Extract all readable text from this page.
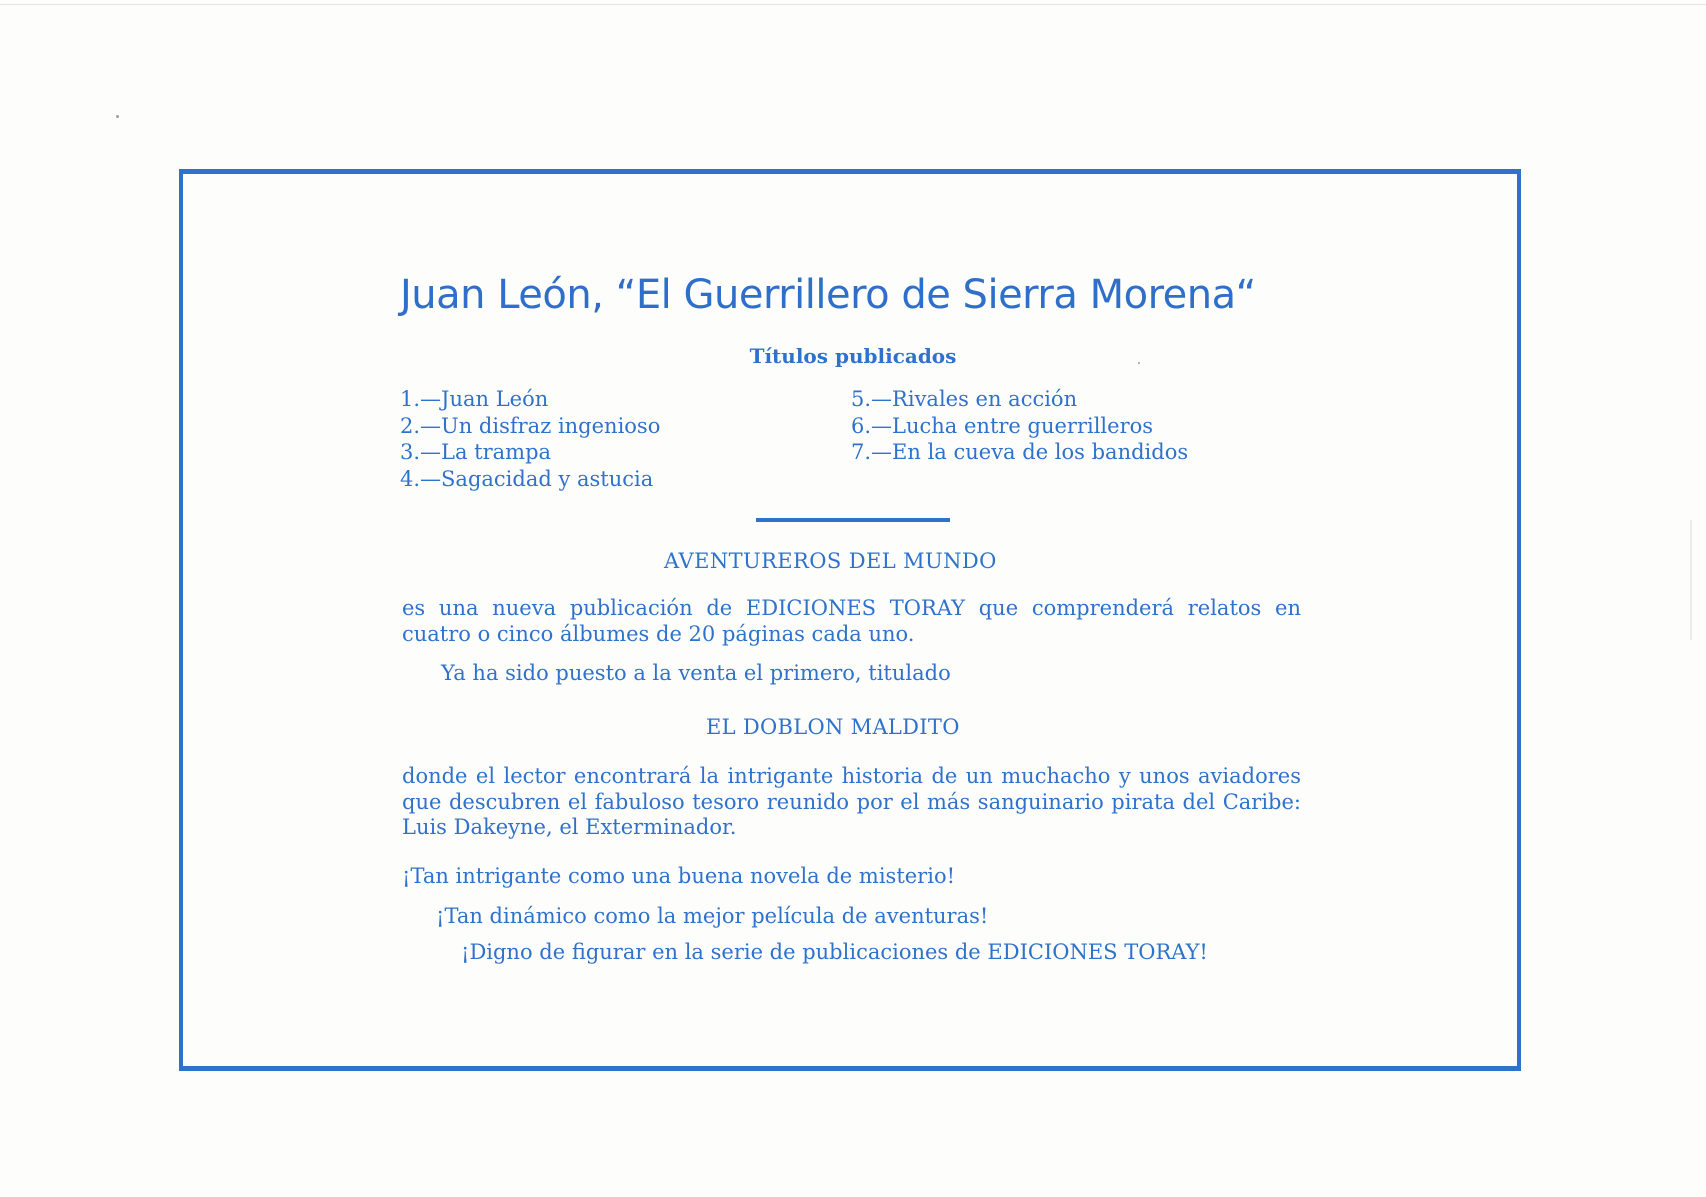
Juan León, “El Guerrillero de Sierra Morena“
Títulos publicados
1.—Juan León
2.—Un disfraz ingenioso
3.—La trampa
4.—Sagacidad y astucia
5.—Rivales en acción
6.—Lucha entre guerrilleros
7.—En la cueva de los bandidos
AVENTUREROS DEL MUNDO

es una nueva publicación de EDICIONES TORAY que comprenderá relatos en cuatro o cinco álbumes de 20 páginas cada uno.

Ya ha sido puesto a la venta el primero, titulado
EL DOBLON MALDITO

donde el lector encontrará la intrigante historia de un muchacho y unos aviadores que descubren el fabuloso tesoro reunido por el más sanguinario pirata del Caribe: Luis Dakeyne, el Exterminador.

¡Tan intrigante como una buena novela de misterio!
¡Tan dinámico como la mejor película de aventuras!
¡Digno de figurar en la serie de publicaciones de EDICIONES TORAY!
